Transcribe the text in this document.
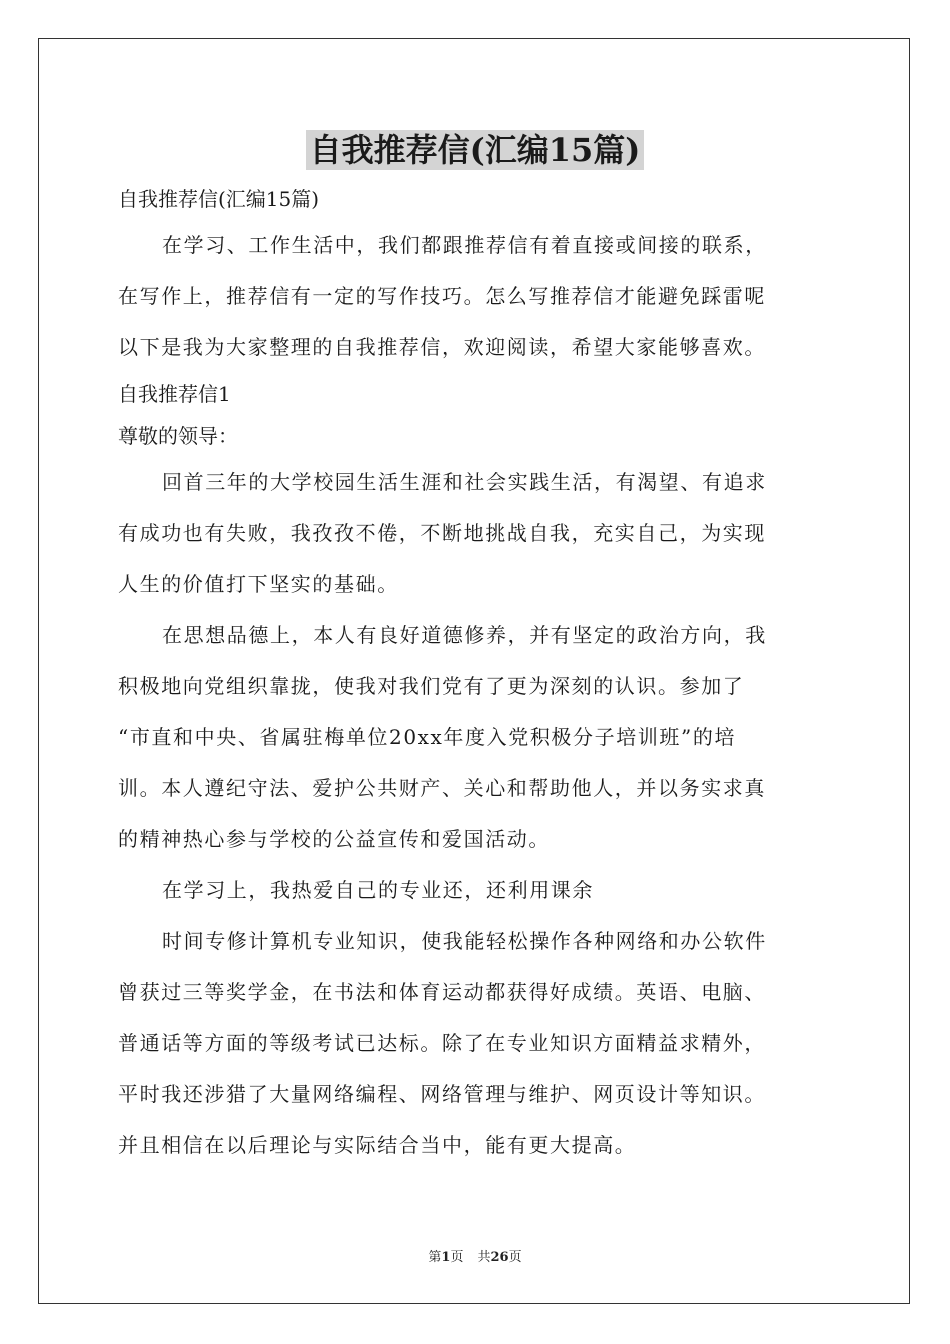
自我推荐信(汇编15篇)
自我推荐信(汇编15篇)
在学习、工作生活中，我们都跟推荐信有着直接或间接的联系，
在写作上，推荐信有一定的写作技巧。怎么写推荐信才能避免踩雷呢
以下是我为大家整理的自我推荐信，欢迎阅读，希望大家能够喜欢。
自我推荐信1
尊敬的领导：
回首三年的大学校园生活生涯和社会实践生活，有渴望、有追求
有成功也有失败，我孜孜不倦，不断地挑战自我，充实自己，为实现
人生的价值打下坚实的基础。
在思想品德上，本人有良好道德修养，并有坚定的政治方向，我
积极地向党组织靠拢，使我对我们党有了更为深刻的认识。参加了
“市直和中央、省属驻梅单位20xx年度入党积极分子培训班”的培
训。本人遵纪守法、爱护公共财产、关心和帮助他人，并以务实求真
的精神热心参与学校的公益宣传和爱国活动。
在学习上，我热爱自己的专业还，还利用课余
时间专修计算机专业知识，使我能轻松操作各种网络和办公软件
曾获过三等奖学金，在书法和体育运动都获得好成绩。英语、电脑、
普通话等方面的等级考试已达标。除了在专业知识方面精益求精外，
平时我还涉猎了大量网络编程、网络管理与维护、网页设计等知识。
并且相信在以后理论与实际结合当中，能有更大提高。
第1页 共26页
